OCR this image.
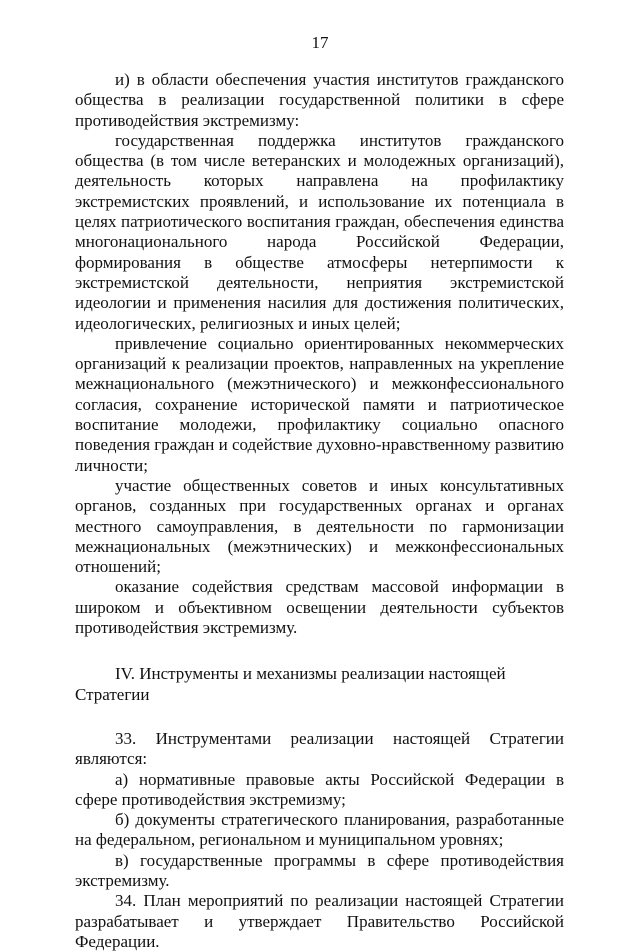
17

и) в области обеспечения участия институтов гражданского общества в реализации государственной политики в сфере противодействия экстремизму:

государственная поддержка институтов гражданского общества (в том числе ветеранских и молодежных организаций), деятельность которых направлена на профилактику экстремистских проявлений, и использование их потенциала в целях патриотического воспитания граждан, обеспечения единства многонационального народа Российской Федерации, формирования в обществе атмосферы нетерпимости к экстремистской деятельности, неприятия экстремистской идеологии и применения насилия для достижения политических, идеологических, религиозных и иных целей;

привлечение социально ориентированных некоммерческих организаций к реализации проектов, направленных на укрепление межнационального (межэтнического) и межконфессионального согласия, сохранение исторической памяти и патриотическое воспитание молодежи, профилактику социально опасного поведения граждан и содействие духовно-нравственному развитию личности;

участие общественных советов и иных консультативных органов, созданных при государственных органах и органах местного самоуправления, в деятельности по гармонизации межнациональных (межэтнических) и межконфессиональных отношений;

оказание содействия средствам массовой информации в широком и объективном освещении деятельности субъектов противодействия экстремизму.

IV. Инструменты и механизмы реализации настоящей Стратегии

33. Инструментами реализации настоящей Стратегии являются:

а) нормативные правовые акты Российской Федерации в сфере противодействия экстремизму;

б) документы стратегического планирования, разработанные на федеральном, региональном и муниципальном уровнях;

в) государственные программы в сфере противодействия экстремизму.

34. План мероприятий по реализации настоящей Стратегии разрабатывает и утверждает Правительство Российской Федерации.
